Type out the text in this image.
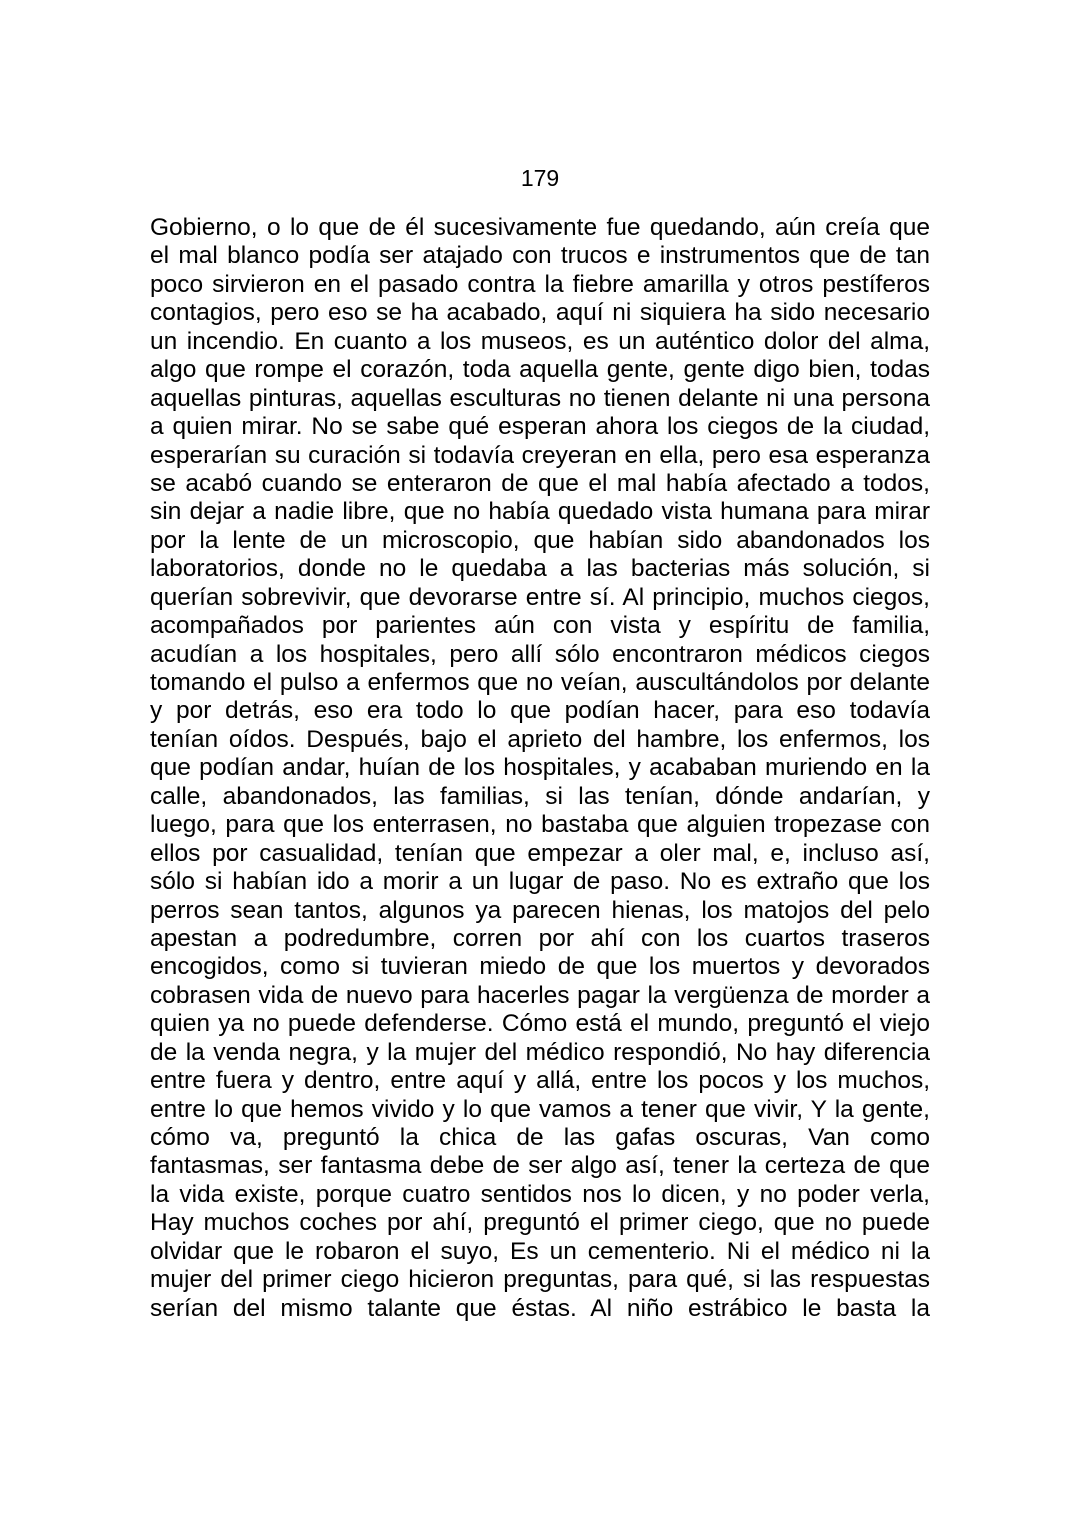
179
Gobierno, o lo que de él sucesivamente fue quedando, aún creía que
el mal blanco podía ser atajado con trucos e instrumentos que de tan
poco sirvieron en el pasado contra la fiebre amarilla y otros pestíferos
contagios, pero eso se ha acabado, aquí ni siquiera ha sido necesario
un incendio. En cuanto a los museos, es un auténtico dolor del alma,
algo que rompe el corazón, toda aquella gente, gente digo bien, todas
aquellas pinturas, aquellas esculturas no tienen delante ni una persona
a quien mirar. No se sabe qué esperan ahora los ciegos de la ciudad,
esperarían su curación si todavía creyeran en ella, pero esa esperanza
se acabó cuando se enteraron de que el mal había afectado a todos,
sin dejar a nadie libre, que no había quedado vista humana para mirar
por la lente de un microscopio, que habían sido abandonados los
laboratorios, donde no le quedaba a las bacterias más solución, si
querían sobrevivir, que devorarse entre sí. Al principio, muchos ciegos,
acompañados por parientes aún con vista y espíritu de familia,
acudían a los hospitales, pero allí sólo encontraron médicos ciegos
tomando el pulso a enfermos que no veían, auscultándolos por delante
y por detrás, eso era todo lo que podían hacer, para eso todavía
tenían oídos. Después, bajo el aprieto del hambre, los enfermos, los
que podían andar, huían de los hospitales, y acababan muriendo en la
calle, abandonados, las familias, si las tenían, dónde andarían, y
luego, para que los enterrasen, no bastaba que alguien tropezase con
ellos por casualidad, tenían que empezar a oler mal, e, incluso así,
sólo si habían ido a morir a un lugar de paso. No es extraño que los
perros sean tantos, algunos ya parecen hienas, los matojos del pelo
apestan a podredumbre, corren por ahí con los cuartos traseros
encogidos, como si tuvieran miedo de que los muertos y devorados
cobrasen vida de nuevo para hacerles pagar la vergüenza de morder a
quien ya no puede defenderse. Cómo está el mundo, preguntó el viejo
de la venda negra, y la mujer del médico respondió, No hay diferencia
entre fuera y dentro, entre aquí y allá, entre los pocos y los muchos,
entre lo que hemos vivido y lo que vamos a tener que vivir, Y la gente,
cómo va, preguntó la chica de las gafas oscuras, Van como
fantasmas, ser fantasma debe de ser algo así, tener la certeza de que
la vida existe, porque cuatro sentidos nos lo dicen, y no poder verla,
Hay muchos coches por ahí, preguntó el primer ciego, que no puede
olvidar que le robaron el suyo, Es un cementerio. Ni el médico ni la
mujer del primer ciego hicieron preguntas, para qué, si las respuestas
serían del mismo talante que éstas. Al niño estrábico le basta la
